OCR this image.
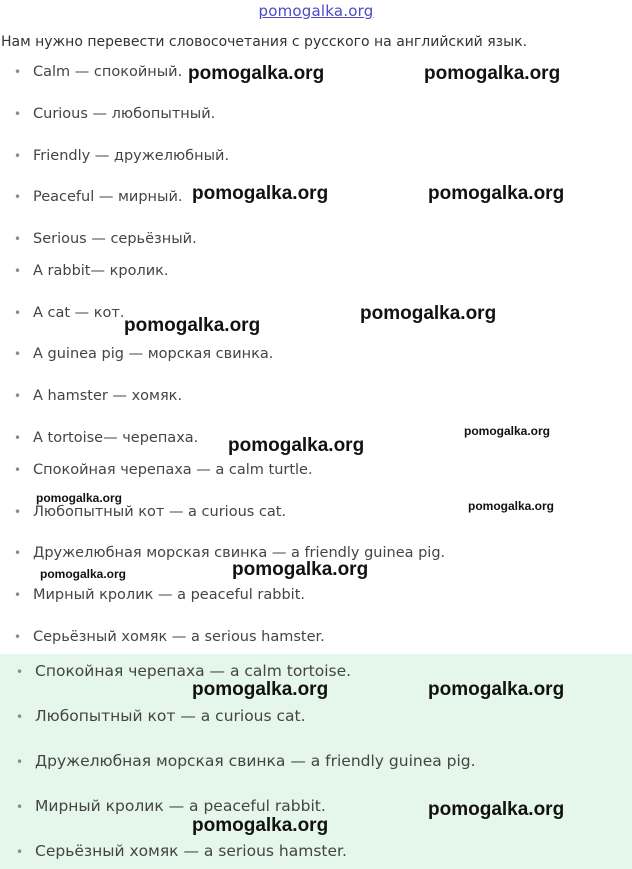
pomogalka.org
Нам нужно перевести словосочетания с русского на английский язык.
• Calm — спокойный.
• Curious — любопытный.
• Friendly — дружелюбный.
• Peaceful — мирный.
• Serious — серьёзный.
• A rabbit— кролик.
• A cat — кот.
• A guinea pig — морская свинка.
• A hamster — хомяк.
• A tortoise— черепаха.
• Спокойная черепаха — a calm turtle.
• Любопытный кот — a curious cat.
• Дружелюбная морская свинка — a friendly guinea pig.
• Мирный кролик — a peaceful rabbit.
• Серьёзный хомяк — a serious hamster.
• Спокойная черепаха — a calm tortoise.
• Любопытный кот — a curious cat.
• Дружелюбная морская свинка — a friendly guinea pig.
• Мирный кролик — a peaceful rabbit.
• Серьёзный хомяк — a serious hamster.
pomogalka.org	pomogalka.org
pomogalka.org	pomogalka.org
pomogalka.org
pomogalka.org
pomogalka.org
pomogalka.org
pomogalka.org
pomogalka.org
pomogalka.org	pomogalka.org
pomogalka.org	pomogalka.org
pomogalka.org
pomogalka.org
